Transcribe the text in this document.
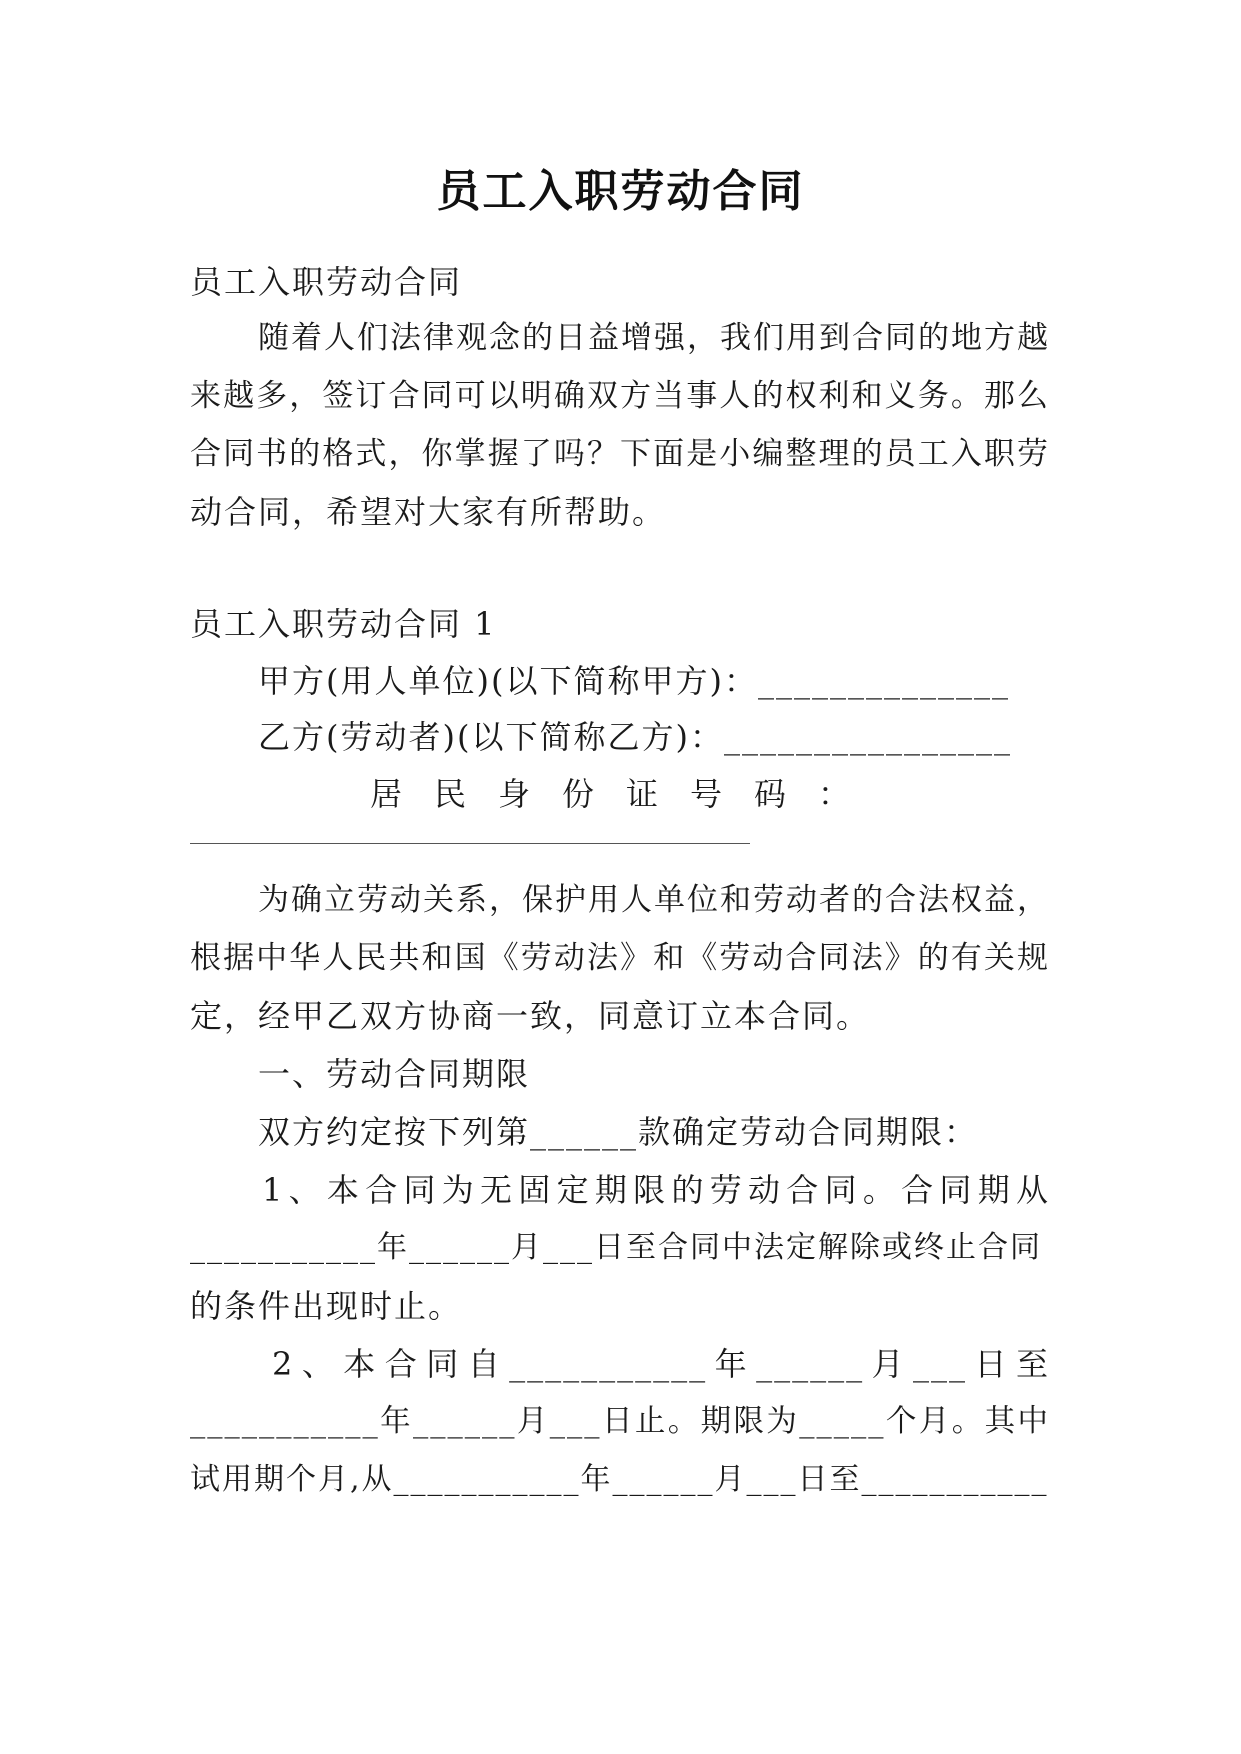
员工入职劳动合同
员工入职劳动合同
随着人们法律观念的日益增强，我们用到合同的地方越
来越多，签订合同可以明确双方当事人的权利和义务。那么
合同书的格式，你掌握了吗？下面是小编整理的员工入职劳
动合同，希望对大家有所帮助。
员工入职劳动合同 1
甲方(用人单位)(以下简称甲方)：______________
乙方(劳动者)(以下简称乙方)：________________
居　民　身　份　证　号　码　：
为确立劳动关系，保护用人单位和劳动者的合法权益，
根据中华人民共和国《劳动法》和《劳动合同法》的有关规
定，经甲乙双方协商一致，同意订立本合同。
一、劳动合同期限
双方约定按下列第______款确定劳动合同期限：
1、本合同为无固定期限的劳动合同。合同期从
___________年______月___日至合同中法定解除或终止合同
的条件出现时止。
2、本合同自___________年______月___日至
___________年______月___日止。期限为_____个月。其中
试用期个月,从___________年______月___日至___________
